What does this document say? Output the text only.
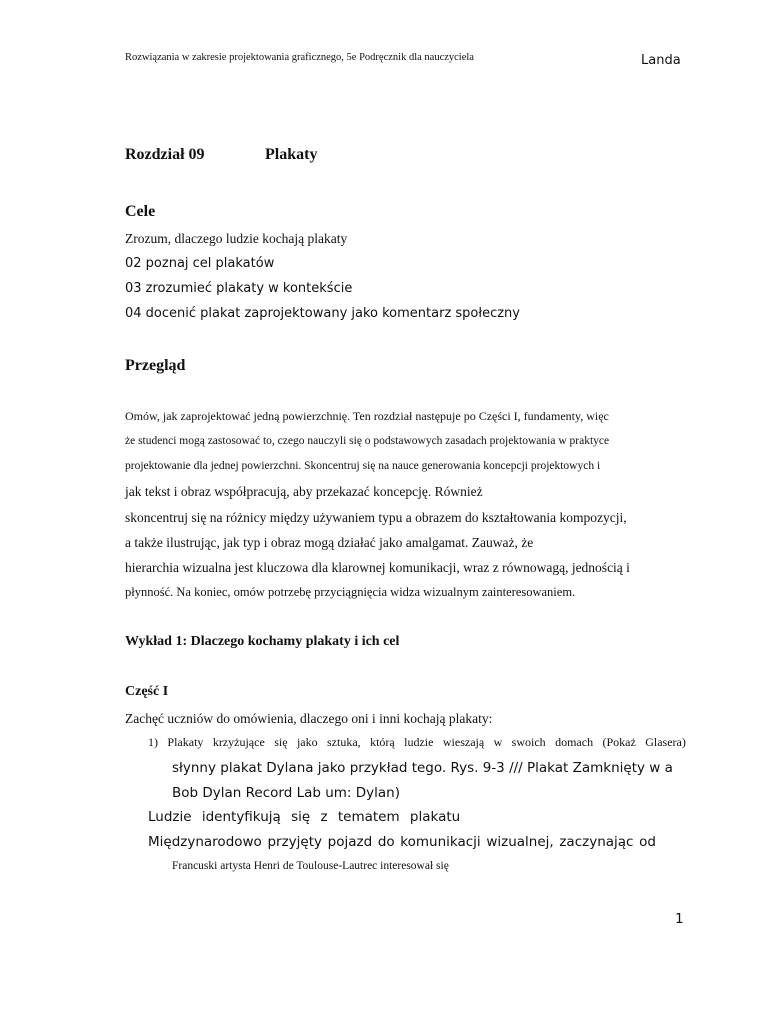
Rozwiązania w zakresie projektowania graficznego, 5e Podręcznik dla nauczyciela	Landa
Rozdział 09	Plakaty
Cele
Zrozum, dlaczego ludzie kochają plakaty
02 poznaj cel plakatów
03 zrozumieć plakaty w kontekście
04 docenić plakat zaprojektowany jako komentarz społeczny
Przegląd
Omów, jak zaprojektować jedną powierzchnię. Ten rozdział następuje po Części I, fundamenty, więc
że studenci mogą zastosować to, czego nauczyli się o podstawowych zasadach projektowania w praktyce
projektowanie dla jednej powierzchni. Skoncentruj się na nauce generowania koncepcji projektowych i
jak tekst i obraz współpracują, aby przekazać koncepcję. Również
skoncentruj się na różnicy między używaniem typu a obrazem do kształtowania kompozycji,
a także ilustrując, jak typ i obraz mogą działać jako amalgamat. Zauważ, że
hierarchia wizualna jest kluczowa dla klarownej komunikacji, wraz z równowagą, jednością i
płynność. Na koniec, omów potrzebę przyciągnięcia widza wizualnym zainteresowaniem.
Wykład 1: Dlaczego kochamy plakaty i ich cel
Część I
Zachęć uczniów do omówienia, dlaczego oni i inni kochają plakaty:
1) Plakaty krzyżujące się jako sztuka, którą ludzie wieszają w swoich domach (Pokaż Glasera)
słynny plakat Dylana jako przykład tego. Rys. 9-3 /// Plakat Zamknięty w a
Bob Dylan Record Lab um: Dylan)
Ludzie identyfikują się z tematem plakatu
Międzynarodowo przyjęty pojazd do komunikacji wizualnej, zaczynając od
Francuski artysta Henri de Toulouse-Lautrec interesował się
1
